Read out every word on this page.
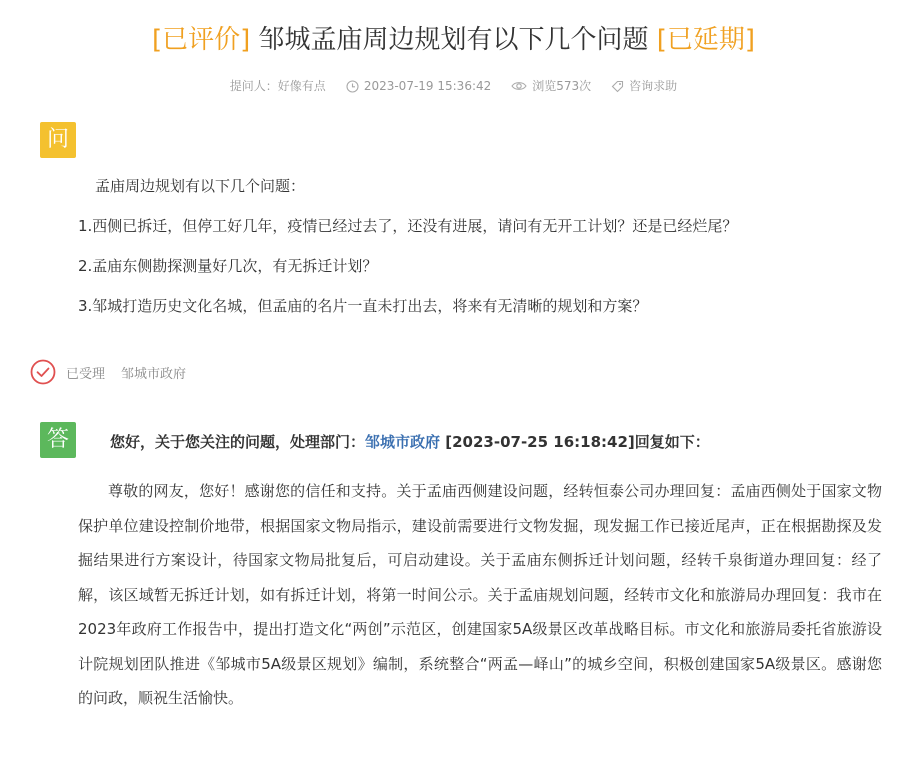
[已评价] 邹城孟庙周边规划有以下几个问题 [已延期]
提问人：好像有点	2023-07-19 15:36:42	浏览573次	咨询求助
问

孟庙周边规划有以下几个问题：

1.西侧已拆迁，但停工好几年，疫情已经过去了，还没有进展，请问有无开工计划？还是已经烂尾？

2.孟庙东侧勘探测量好几次，有无拆迁计划？

3.邹城打造历史文化名城，但孟庙的名片一直未打出去，将来有无清晰的规划和方案？

已受理 邹城市政府
答	您好，关于您关注的问题，处理部门：邹城市政府 [2023-07-25 16:18:42]回复如下：

尊敬的网友，您好！感谢您的信任和支持。关于孟庙西侧建设问题，经转恒泰公司办理回复：孟庙西侧处于国家文物保护单位建设控制价地带，根据国家文物局指示，建设前需要进行文物发掘，现发掘工作已接近尾声，正在根据勘探及发掘结果进行方案设计，待国家文物局批复后，可启动建设。关于孟庙东侧拆迁计划问题，经转千泉街道办理回复：经了解，该区域暂无拆迁计划，如有拆迁计划，将第一时间公示。关于孟庙规划问题，经转市文化和旅游局办理回复：我市在2023年政府工作报告中，提出打造文化“两创”示范区，创建国家5A级景区改革战略目标。市文化和旅游局委托省旅游设计院规划团队推进《邹城市5A级景区规划》编制，系统整合“两孟—峄山”的城乡空间，积极创建国家5A级景区。感谢您的问政，顺祝生活愉快。
